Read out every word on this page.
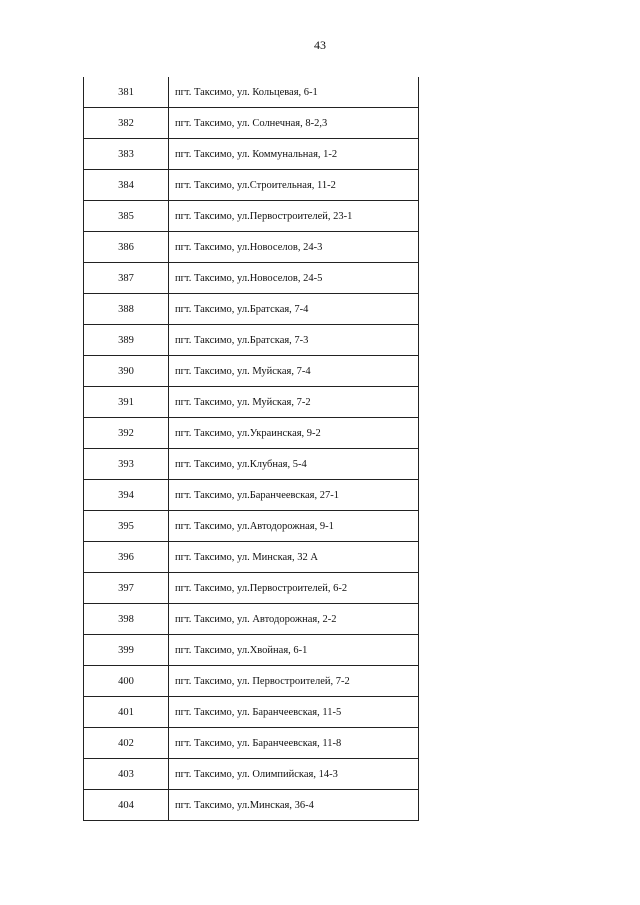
43
381	пгт. Таксимо, ул. Кольцевая, 6-1
382	пгт. Таксимо, ул. Солнечная, 8-2,3
383	пгт. Таксимо, ул. Коммунальная, 1-2
384	пгт. Таксимо, ул.Строительная, 11-2
385	пгт. Таксимо, ул.Первостроителей, 23-1
386	пгт. Таксимо, ул.Новоселов, 24-3
387	пгт. Таксимо, ул.Новоселов, 24-5
388	пгт. Таксимо, ул.Братская, 7-4
389	пгт. Таксимо, ул.Братская, 7-3
390	пгт. Таксимо, ул. Муйская, 7-4
391	пгт. Таксимо, ул. Муйская, 7-2
392	пгт. Таксимо, ул.Украинская, 9-2
393	пгт. Таксимо, ул.Клубная, 5-4
394	пгт. Таксимо, ул.Баранчеевская, 27-1
395	пгт. Таксимо, ул.Автодорожная, 9-1
396	пгт. Таксимо, ул. Минская, 32 А
397	пгт. Таксимо, ул.Первостроителей, 6-2
398	пгт. Таксимо, ул. Автодорожная, 2-2
399	пгт. Таксимо, ул.Хвойная, 6-1
400	пгт. Таксимо, ул. Первостроителей, 7-2
401	пгт. Таксимо, ул. Баранчеевская, 11-5
402	пгт. Таксимо, ул. Баранчеевская, 11-8
403	пгт. Таксимо, ул. Олимпийская, 14-3
404	пгт. Таксимо, ул.Минская, 36-4
